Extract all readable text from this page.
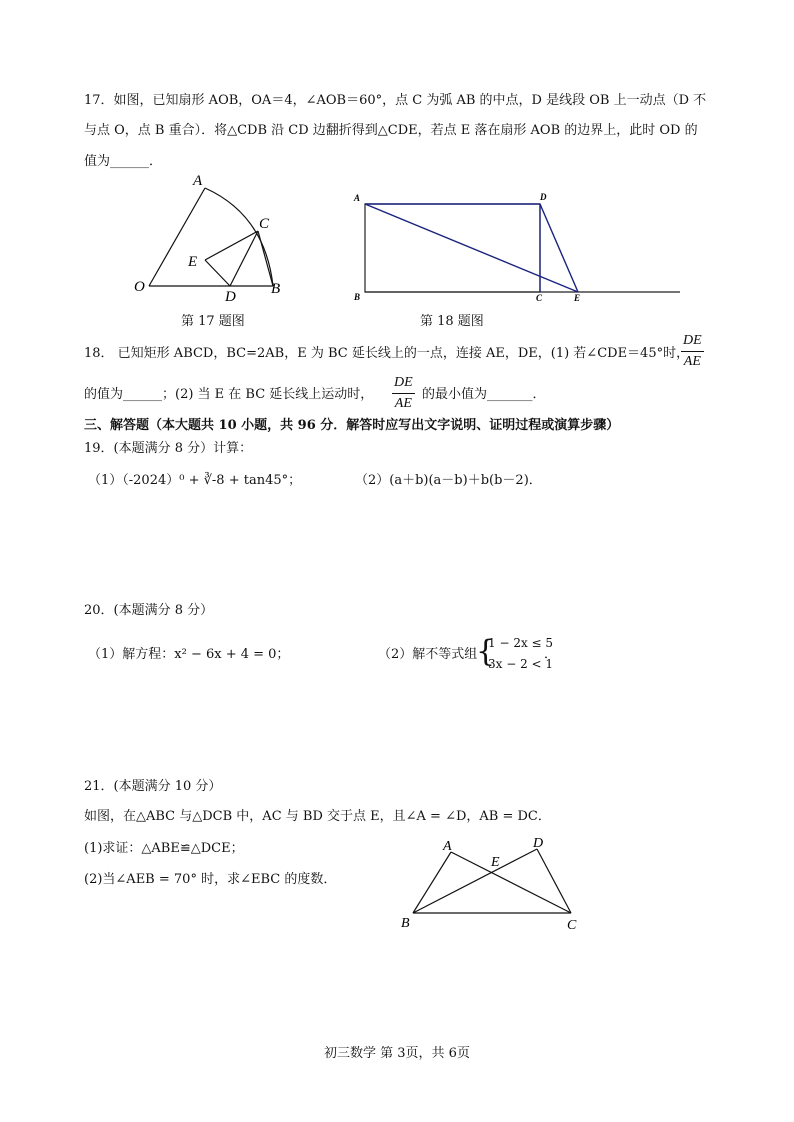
17．如图，已知扇形 AOB，OA＝4，∠AOB＝60°，点 C 为弧 AB 的中点，D 是线段 OB 上一动点（D 不
与点 O，点 B 重合）．将△CDB 沿 CD 边翻折得到△CDE，若点 E 落在扇形 AOB 的边界上，此时 OD 的
值为______．
A
C
E
O
D B
第 17 题图
A	D
B	C	E
第 18 题图
18． 已知矩形 ABCD，BC=2AB，E 为 BC 延长线上的一点，连接 AE，DE，(1) 若∠CDE＝45°时，
DE
AE
的值为______；(2) 当 E 在 BC 延长线上运动时，
DE
AE
的最小值为_______．
三、解答题（本大题共 10 小题，共 96 分．解答时应写出文字说明、证明过程或演算步骤）
19．(本题满分 8 分）计算：
（1）（-2024）⁰ + ∛-8 + tan45°；	（2）(a＋b)(a－b)＋b(b－2)．
20．(本题满分 8 分）
（1）解方程：x² − 6x + 4 = 0；	（2）解不等式组
{
1 − 2x ≤ 5
3x − 2 < 1
．
21．(本题满分 10 分）
如图，在△ABC 与△DCB 中，AC 与 BD 交于点 E，且∠A = ∠D，AB = DC．
(1)求证：△ABE≌△DCE；
(2)当∠AEB = 70° 时，求∠EBC 的度数．
A
E
D
B	C
初三数学 第 3页，共 6页
